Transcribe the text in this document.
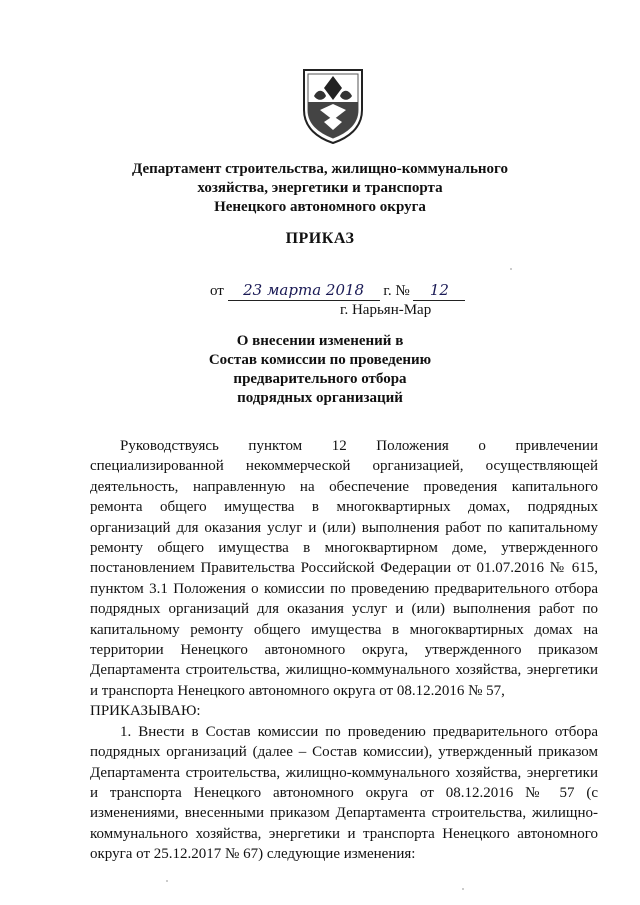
Департамент строительства, жилищно-коммунального
хозяйства, энергетики и транспорта
Ненецкого автономного округа
ПРИКАЗ
от 23 марта 2018 г. № 12
г. Нарьян-Мар
О внесении изменений в
Состав комиссии по проведению
предварительного отбора
подрядных организаций

Руководствуясь пунктом 12 Положения о привлечении специализированной некоммерческой организацией, осуществляющей деятельность, направленную на обеспечение проведения капитального ремонта общего имущества в многоквартирных домах, подрядных организаций для оказания услуг и (или) выполнения работ по капитальному ремонту общего имущества в многоквартирном доме, утвержденного постановлением Правительства Российской Федерации от 01.07.2016 № 615, пунктом 3.1 Положения о комиссии по проведению предварительного отбора подрядных организаций для оказания услуг и (или) выполнения работ по капитальному ремонту общего имущества в многоквартирных домах на территории Ненецкого автономного округа, утвержденного приказом Департамента строительства, жилищно-коммунального хозяйства, энергетики и транспорта Ненецкого автономного округа от 08.12.2016 № 57,

ПРИКАЗЫВАЮ:

1. Внести в Состав комиссии по проведению предварительного отбора подрядных организаций (далее – Состав комиссии), утвержденный приказом Департамента строительства, жилищно-коммунального хозяйства, энергетики и транспорта Ненецкого автономного округа от 08.12.2016 № 57 (с изменениями, внесенными приказом Департамента строительства, жилищно-коммунального хозяйства, энергетики и транспорта Ненецкого автономного округа от 25.12.2017 № 67) следующие изменения:
